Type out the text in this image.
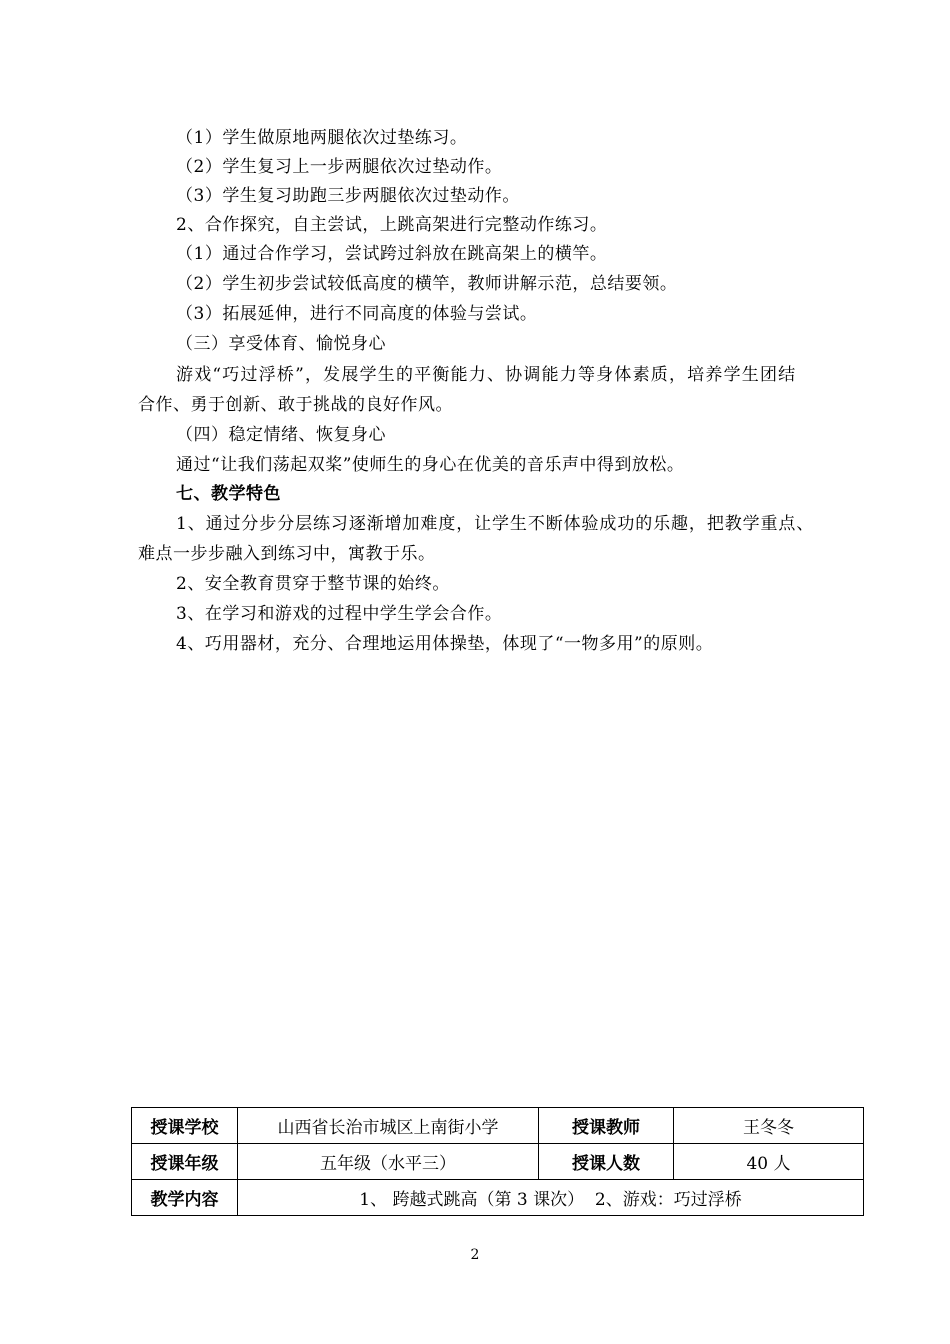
（1）学生做原地两腿依次过垫练习。
（2）学生复习上一步两腿依次过垫动作。
（3）学生复习助跑三步两腿依次过垫动作。
2、合作探究，自主尝试，上跳高架进行完整动作练习。
（1）通过合作学习，尝试跨过斜放在跳高架上的横竿。
（2）学生初步尝试较低高度的横竿，教师讲解示范，总结要领。
（3）拓展延伸，进行不同高度的体验与尝试。
（三）享受体育、愉悦身心
游戏“巧过浮桥”，发展学生的平衡能力、协调能力等身体素质，培养学生团结
合作、勇于创新、敢于挑战的良好作风。
（四）稳定情绪、恢复身心
通过“让我们荡起双桨”使师生的身心在优美的音乐声中得到放松。
七、教学特色
1、通过分步分层练习逐渐增加难度，让学生不断体验成功的乐趣，把教学重点、
难点一步步融入到练习中，寓教于乐。
2、安全教育贯穿于整节课的始终。
3、在学习和游戏的过程中学生学会合作。
4、巧用器材，充分、合理地运用体操垫，体现了“一物多用”的原则。
授课学校	山西省长治市城区上南街小学	授课教师	王冬冬
授课年级	五年级（水平三）	授课人数	40 人
教学内容	1、 跨越式跳高（第 3 课次）  2、游戏：巧过浮桥		
2
